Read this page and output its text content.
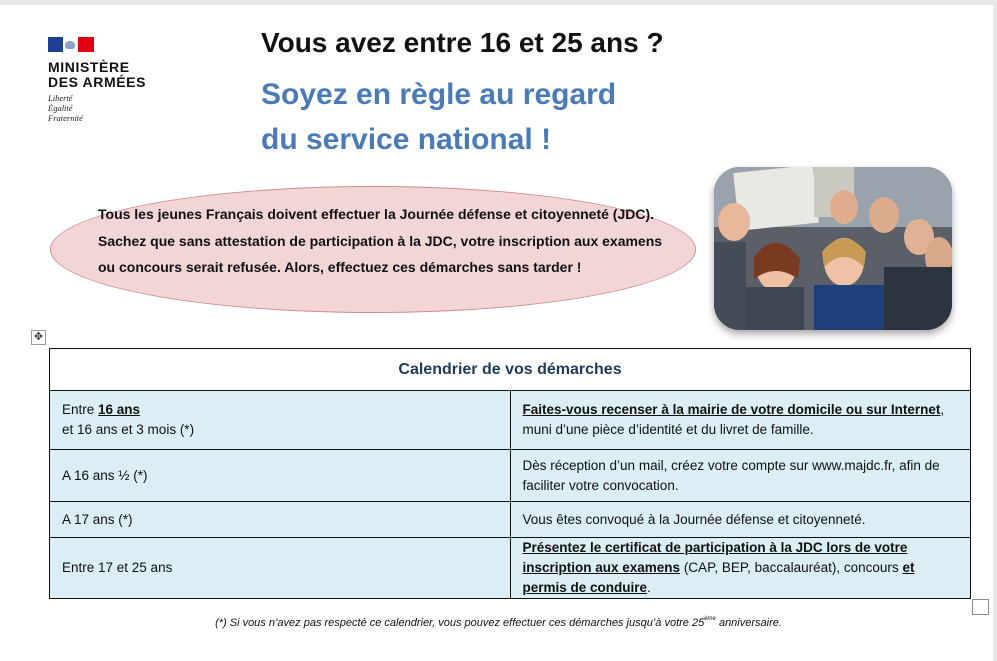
MINISTÈRE
DES ARMÉES
Liberté
Égalité
Fraternité
Vous avez entre 16 et 25 ans ?
Soyez en règle au regard
du service national !
Tous les jeunes Français doivent effectuer la Journée défense et citoyenneté (JDC). Sachez que sans attestation de participation à la JDC, votre inscription aux examens ou concours serait refusée. Alors, effectuez ces démarches sans tarder !
✥
Calendrier de vos démarches	
Entre 16 ans
et 16 ans et 3 mois (*)	Faites-vous recenser à la mairie de votre domicile ou sur Internet, muni d’une pièce d’identité et du livret de famille.
A 16 ans ½ (*)	Dès réception d’un mail, créez votre compte sur www.majdc.fr, afin de faciliter votre convocation.
A 17 ans (*)	Vous êtes convoqué à la Journée défense et citoyenneté.
Entre 17 et 25 ans	Présentez le certificat de participation à la JDC lors de votre inscription aux examens (CAP, BEP, baccalauréat), concours et permis de conduire.
(*) Si vous n’avez pas respecté ce calendrier, vous pouvez effectuer ces démarches jusqu’à votre 25ème anniversaire.
